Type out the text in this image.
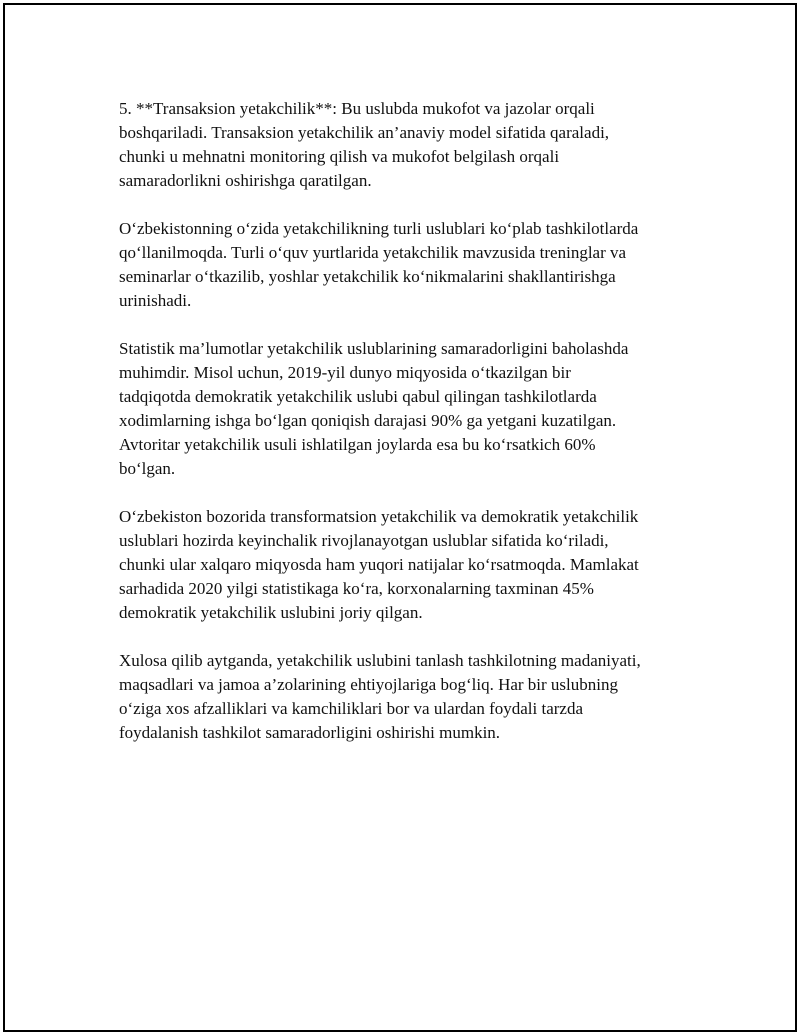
5. **Transaksion yetakchilik**: Bu uslubda mukofot va jazolar orqali
boshqariladi. Transaksion yetakchilik an’anaviy model sifatida qaraladi,
chunki u mehnatni monitoring qilish va mukofot belgilash orqali
samaradorlikni oshirishga qaratilgan.

O‘zbekistonning o‘zida yetakchilikning turli uslublari ko‘plab tashkilotlarda
qo‘llanilmoqda. Turli o‘quv yurtlarida yetakchilik mavzusida treninglar va
seminarlar o‘tkazilib, yoshlar yetakchilik ko‘nikmalarini shakllantirishga
urinishadi.

Statistik ma’lumotlar yetakchilik uslublarining samaradorligini baholashda
muhimdir. Misol uchun, 2019-yil dunyo miqyosida o‘tkazilgan bir
tadqiqotda demokratik yetakchilik uslubi qabul qilingan tashkilotlarda
xodimlarning ishga bo‘lgan qoniqish darajasi 90% ga yetgani kuzatilgan.
Avtoritar yetakchilik usuli ishlatilgan joylarda esa bu ko‘rsatkich 60%
bo‘lgan.

O‘zbekiston bozorida transformatsion yetakchilik va demokratik yetakchilik
uslublari hozirda keyinchalik rivojlanayotgan uslublar sifatida ko‘riladi,
chunki ular xalqaro miqyosda ham yuqori natijalar ko‘rsatmoqda. Mamlakat
sarhadida 2020 yilgi statistikaga ko‘ra, korxonalarning taxminan 45%
demokratik yetakchilik uslubini joriy qilgan.

Xulosa qilib aytganda, yetakchilik uslubini tanlash tashkilotning madaniyati,
maqsadlari va jamoa a’zolarining ehtiyojlariga bog‘liq. Har bir uslubning
o‘ziga xos afzalliklari va kamchiliklari bor va ulardan foydali tarzda
foydalanish tashkilot samaradorligini oshirishi mumkin.
